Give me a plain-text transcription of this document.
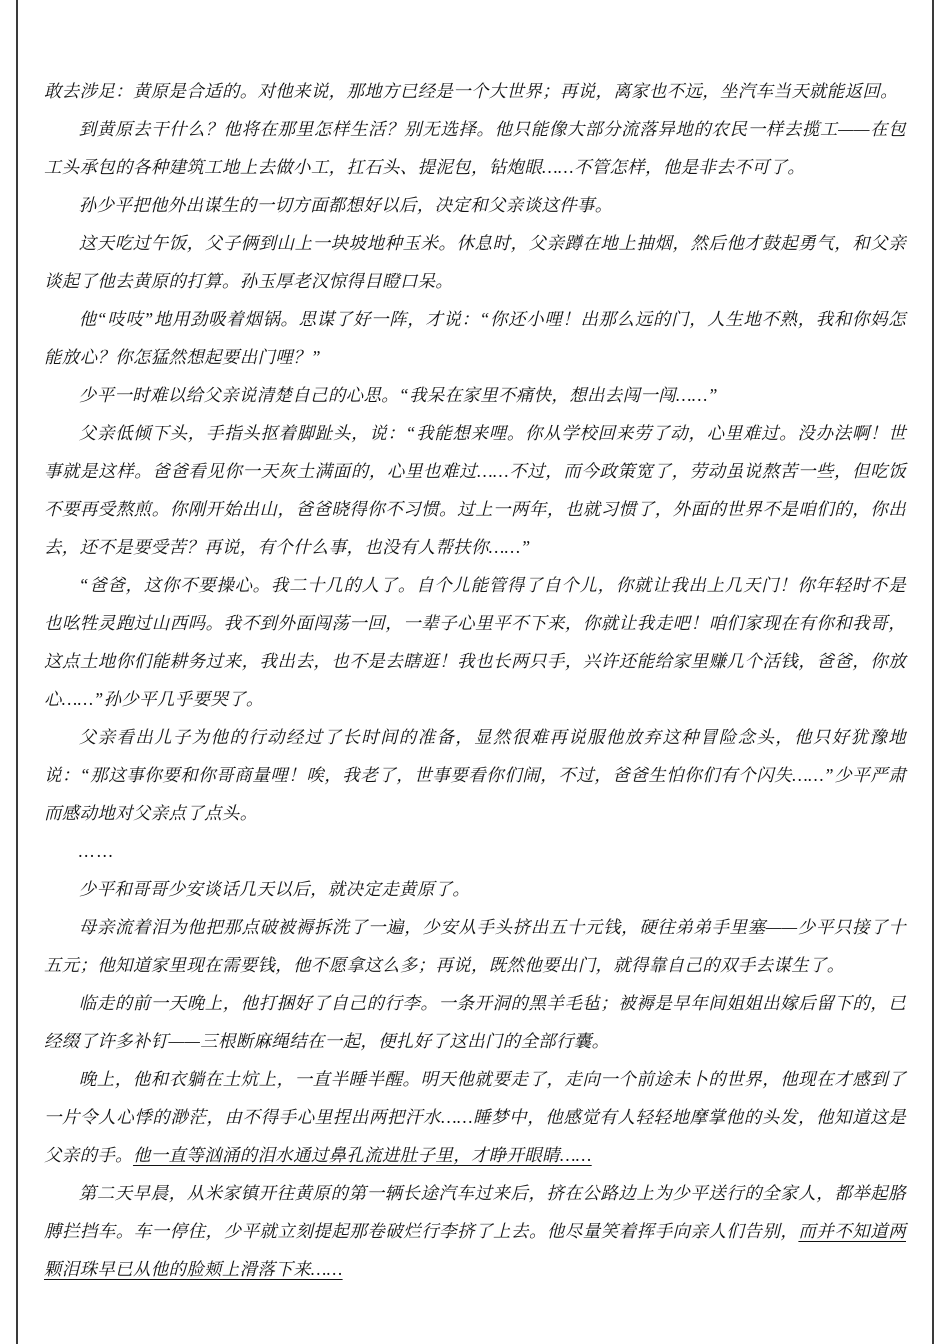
敢去涉足：黄原是合适的。对他来说，那地方已经是一个大世界；再说，离家也不远，坐汽车当天就能返回。

到黄原去干什么？他将在那里怎样生活？别无选择。他只能像大部分流落异地的农民一样去揽工——在包工头承包的各种建筑工地上去做小工，扛石头、提泥包，钻炮眼……不管怎样，他是非去不可了。

孙少平把他外出谋生的一切方面都想好以后，决定和父亲谈这件事。

这天吃过午饭，父子俩到山上一块坡地种玉米。休息时，父亲蹲在地上抽烟，然后他才鼓起勇气，和父亲谈起了他去黄原的打算。孙玉厚老汉惊得目瞪口呆。

他“吱吱”地用劲吸着烟锅。思谋了好一阵，才说：“你还小哩！出那么远的门，人生地不熟，我和你妈怎能放心？你怎猛然想起要出门哩？”

少平一时难以给父亲说清楚自己的心思。“我呆在家里不痛快，想出去闯一闯……”

父亲低倾下头，手指头抠着脚趾头，说：“我能想来哩。你从学校回来劳了动，心里难过。没办法啊！世事就是这样。爸爸看见你一天灰土满面的，心里也难过……不过，而今政策宽了，劳动虽说熬苦一些，但吃饭不要再受熬煎。你刚开始出山，爸爸晓得你不习惯。过上一两年，也就习惯了，外面的世界不是咱们的，你出去，还不是要受苦？再说，有个什么事，也没有人帮扶你……”

“爸爸，这你不要操心。我二十几的人了。自个儿能管得了自个儿，你就让我出上几天门！你年轻时不是也吆牲灵跑过山西吗。我不到外面闯荡一回，一辈子心里平不下来，你就让我走吧！咱们家现在有你和我哥，这点土地你们能耕务过来，我出去，也不是去瞎逛！我也长两只手，兴许还能给家里赚几个活钱，爸爸，你放心……”孙少平几乎要哭了。

父亲看出儿子为他的行动经过了长时间的准备，显然很难再说服他放弃这种冒险念头，他只好犹豫地说：“那这事你要和你哥商量哩！唉，我老了，世事要看你们闹，不过，爸爸生怕你们有个闪失……”少平严肃而感动地对父亲点了点头。

……

少平和哥哥少安谈话几天以后，就决定走黄原了。

母亲流着泪为他把那点破被褥拆洗了一遍，少安从手头挤出五十元钱，硬往弟弟手里塞——少平只接了十五元；他知道家里现在需要钱，他不愿拿这么多；再说，既然他要出门，就得靠自己的双手去谋生了。

临走的前一天晚上，他打捆好了自己的行李。一条开洞的黑羊毛毡；被褥是早年间姐姐出嫁后留下的，已经缀了许多补钉——三根断麻绳结在一起，便扎好了这出门的全部行囊。

晚上，他和衣躺在土炕上，一直半睡半醒。明天他就要走了，走向一个前途未卜的世界，他现在才感到了一片令人心悸的渺茫，由不得手心里捏出两把汗水……睡梦中，他感觉有人轻轻地摩掌他的头发，他知道这是父亲的手。他一直等汹涌的泪水通过鼻孔流进肚子里，才睁开眼睛……

第二天早晨，从米家镇开往黄原的第一辆长途汽车过来后，挤在公路边上为少平送行的全家人，都举起胳膊拦挡车。车一停住，少平就立刻提起那卷破烂行李挤了上去。他尽量笑着挥手向亲人们告别，而并不知道两颗泪珠早已从他的脸颊上滑落下来……
